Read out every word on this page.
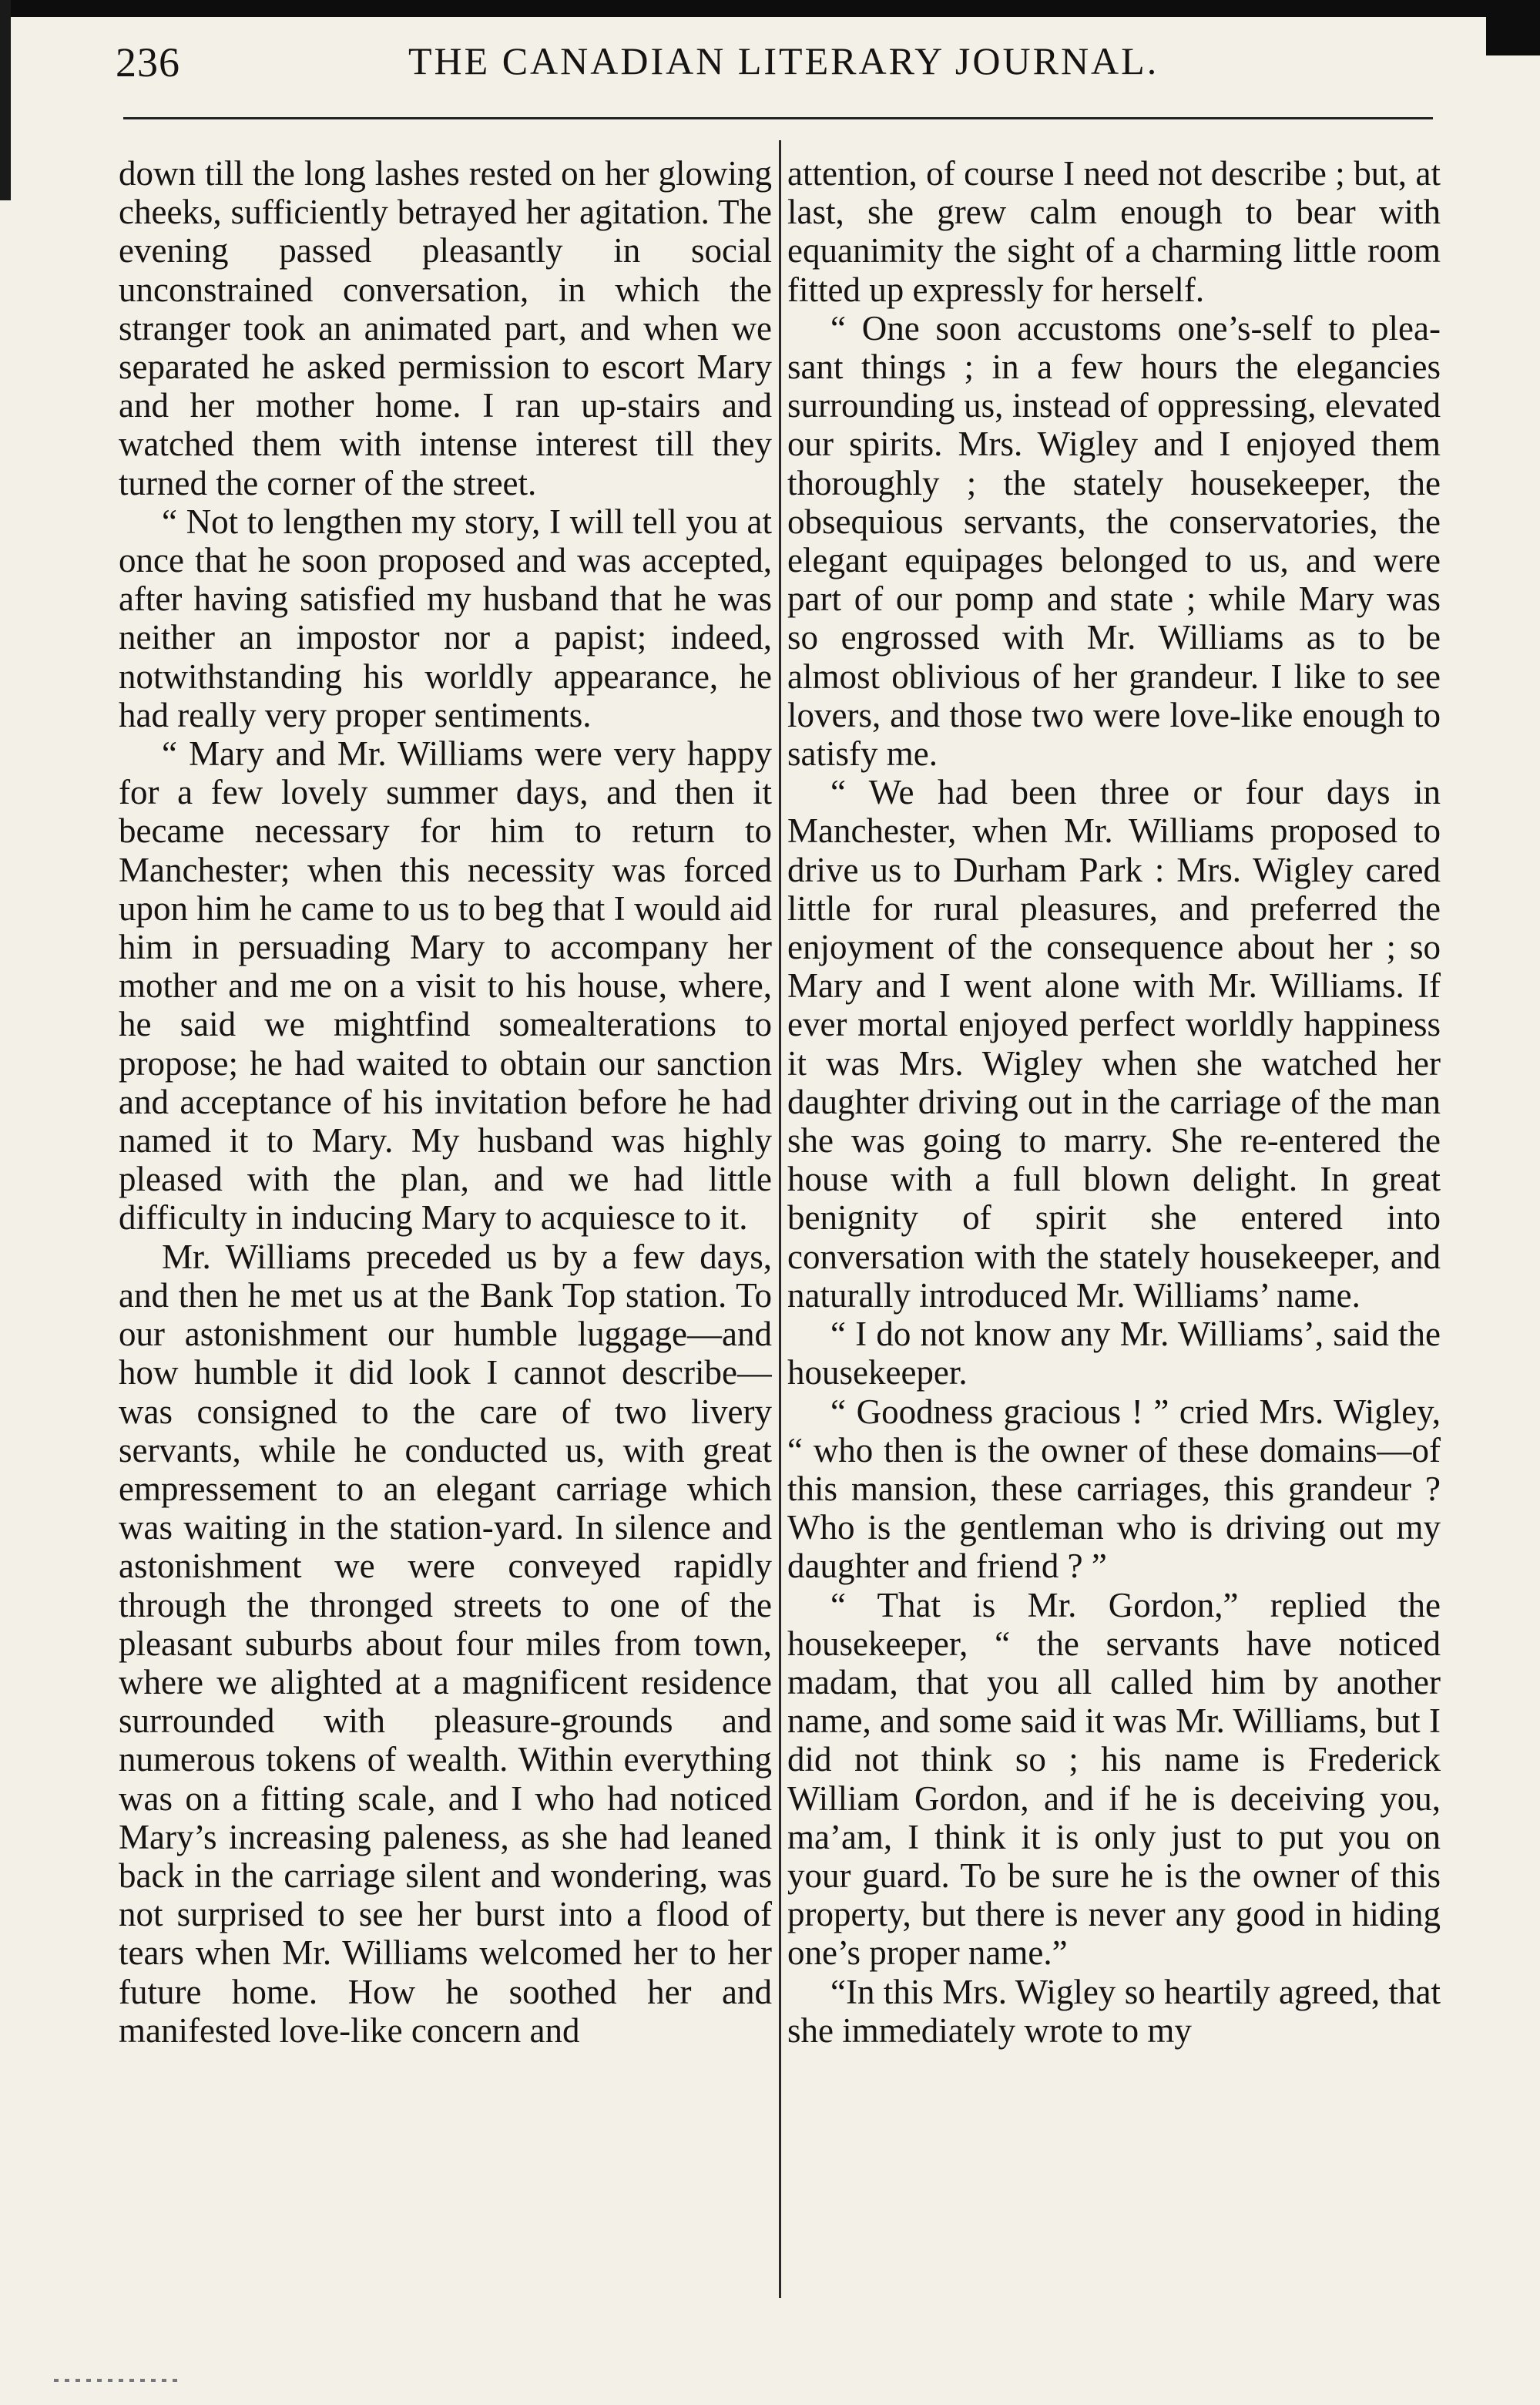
236	THE CANADIAN LITERARY JOURNAL.

down till the long lashes rested on her glowing cheeks, sufficiently betrayed her agitation. The evening passed pleasantly in social unconstrained conversation, in which the stranger took an animated part, and when we separated he asked permission to escort Mary and her mother home. I ran up-stairs and watched them with intense interest till they turned the corner of the street.

“ Not to lengthen my story, I will tell you at once that he soon proposed and was accepted, after having satisfied my husband that he was neither an impostor nor a papist; indeed, notwithstanding his worldly appearance, he had really very proper sentiments.

“ Mary and Mr. Williams were very happy for a few lovely summer days, and then it became necessary for him to return to Manchester; when this necessity was forced upon him he came to us to beg that I would aid him in persuading Mary to accompany her mother and me on a visit to his house, where, he said we mightfind somealterations to propose; he had waited to obtain our sanction and acceptance of his invitation before he had named it to Mary. My husband was highly pleased with the plan, and we had little difficulty in inducing Mary to acquiesce to it.

Mr. Williams preceded us by a few days, and then he met us at the Bank Top station. To our astonishment our humble luggage—and how humble it did look I cannot describe—was consigned to the care of two livery servants, while he conducted us, with great empressement to an elegant carriage which was waiting in the station-yard. In silence and astonishment we were conveyed rapidly through the thronged streets to one of the pleasant suburbs about four miles from town, where we alighted at a magnificent residence surrounded with pleasure-grounds and numerous tokens of wealth. Within everything was on a fitting scale, and I who had noticed Mary’s increasing paleness, as she had leaned back in the carriage silent and wondering, was not surprised to see her burst into a flood of tears when Mr. Williams welcomed her to her future home. How he soothed her and manifested love-like concern and

attention, of course I need not describe ; but, at last, she grew calm enough to bear with equanimity the sight of a charming little room fitted up expressly for herself.

“ One soon accustoms one’s-self to pleasant things ; in a few hours the elegancies surrounding us, instead of oppressing, elevated our spirits. Mrs. Wigley and I enjoyed them thoroughly ; the stately housekeeper, the obsequious servants, the conservatories, the elegant equipages belonged to us, and were part of our pomp and state ; while Mary was so engrossed with Mr. Williams as to be almost oblivious of her grandeur. I like to see lovers, and those two were love-like enough to satisfy me.

“ We had been three or four days in Manchester, when Mr. Williams proposed to drive us to Durham Park : Mrs. Wigley cared little for rural pleasures, and preferred the enjoyment of the consequence about her ; so Mary and I went alone with Mr. Williams. If ever mortal enjoyed perfect worldly happiness it was Mrs. Wigley when she watched her daughter driving out in the carriage of the man she was going to marry. She re-entered the house with a full blown delight. In great benignity of spirit she entered into conversation with the stately housekeeper, and naturally introduced Mr. Williams’ name.

“ I do not know any Mr. Williams’, said the housekeeper.

“ Goodness gracious ! ” cried Mrs. Wigley, “ who then is the owner of these domains—of this mansion, these carriages, this grandeur ? Who is the gentleman who is driving out my daughter and friend ? ”

“ That is Mr. Gordon,” replied the housekeeper, “ the servants have noticed madam, that you all called him by another name, and some said it was Mr. Williams, but I did not think so ; his name is Frederick William Gordon, and if he is deceiving you, ma’am, I think it is only just to put you on your guard. To be sure he is the owner of this property, but there is never any good in hiding one’s proper name.”

“In this Mrs. Wigley so heartily agreed, that she immediately wrote to my
